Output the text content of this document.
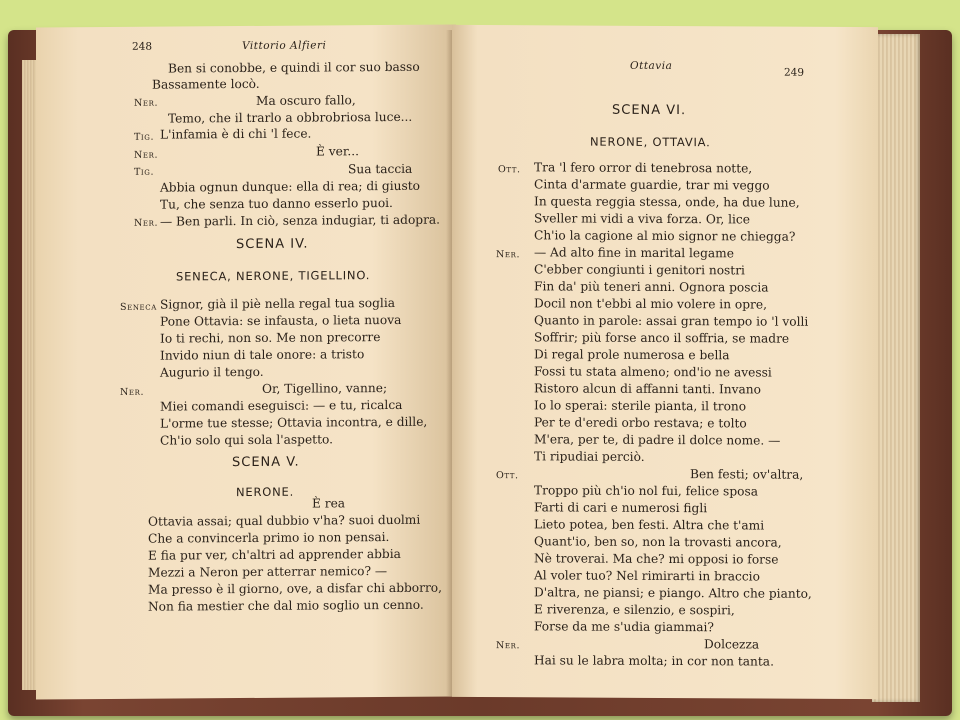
248	Vittorio Alfieri
Ben si conobbe, e quindi il cor suo basso
Bassamente locò.
Ner.	Ma oscuro fallo,
Temo, che il trarlo a obbrobriosa luce...
Tig. L'infamia è di chi 'l fece.
Ner.	È ver...
Tig.	Sua taccia
Abbia ognun dunque: ella di rea; di giusto
Tu, che senza tuo danno esserlo puoi.
Ner. — Ben parli. In ciò, senza indugiar, ti adopra.
SCENA IV.
SENECA, NERONE, TIGELLINO.
Seneca Signor, già il piè nella regal tua soglia
Pone Ottavia: se infausta, o lieta nuova
Io ti rechi, non so. Me non precorre
Invido niun di tale onore: a tristo
Augurio il tengo.
Ner.	Or, Tigellino, vanne;
Miei comandi eseguisci: — e tu, ricalca
L'orme tue stesse; Ottavia incontra, e dille,
Ch'io solo qui sola l'aspetto.
SCENA V.
NERONE.
È rea
Ottavia assai; qual dubbio v'ha? suoi duolmi
Che a convincerla primo io non pensai.
E fia pur ver, ch'altri ad apprender abbia
Mezzi a Neron per atterrar nemico? —
Ma presso è il giorno, ove, a disfar chi abborro,
Non fia mestier che dal mio soglio un cenno.
Ottavia
249
SCENA VI.
NERONE, OTTAVIA.
Ott. Tra 'l fero orror di tenebrosa notte,
Cinta d'armate guardie, trar mi veggo
In questa reggia stessa, onde, ha due lune,
Sveller mi vidi a viva forza. Or, lice
Ch'io la cagione al mio signor ne chiegga?
Ner. — Ad alto fine in marital legame
C'ebber congiunti i genitori nostri
Fin da' più teneri anni. Ognora poscia
Docil non t'ebbi al mio volere in opre,
Quanto in parole: assai gran tempo io 'l volli
Soffrir; più forse anco il soffria, se madre
Di regal prole numerosa e bella
Fossi tu stata almeno; ond'io ne avessi
Ristoro alcun di affanni tanti. Invano
Io lo sperai: sterile pianta, il trono
Per te d'eredi orbo restava; e tolto
M'era, per te, di padre il dolce nome. —
Ti ripudiai perciò.
Ott.	Ben festi; ov'altra,
Troppo più ch'io nol fui, felice sposa
Farti di cari e numerosi figli
Lieto potea, ben festi. Altra che t'ami
Quant'io, ben so, non la trovasti ancora,
Nè troverai. Ma che? mi opposi io forse
Al voler tuo? Nel rimirarti in braccio
D'altra, ne piansi; e piango. Altro che pianto,
E riverenza, e silenzio, e sospiri,
Forse da me s'udia giammai?
Ner.	Dolcezza
Hai su le labra molta; in cor non tanta.
